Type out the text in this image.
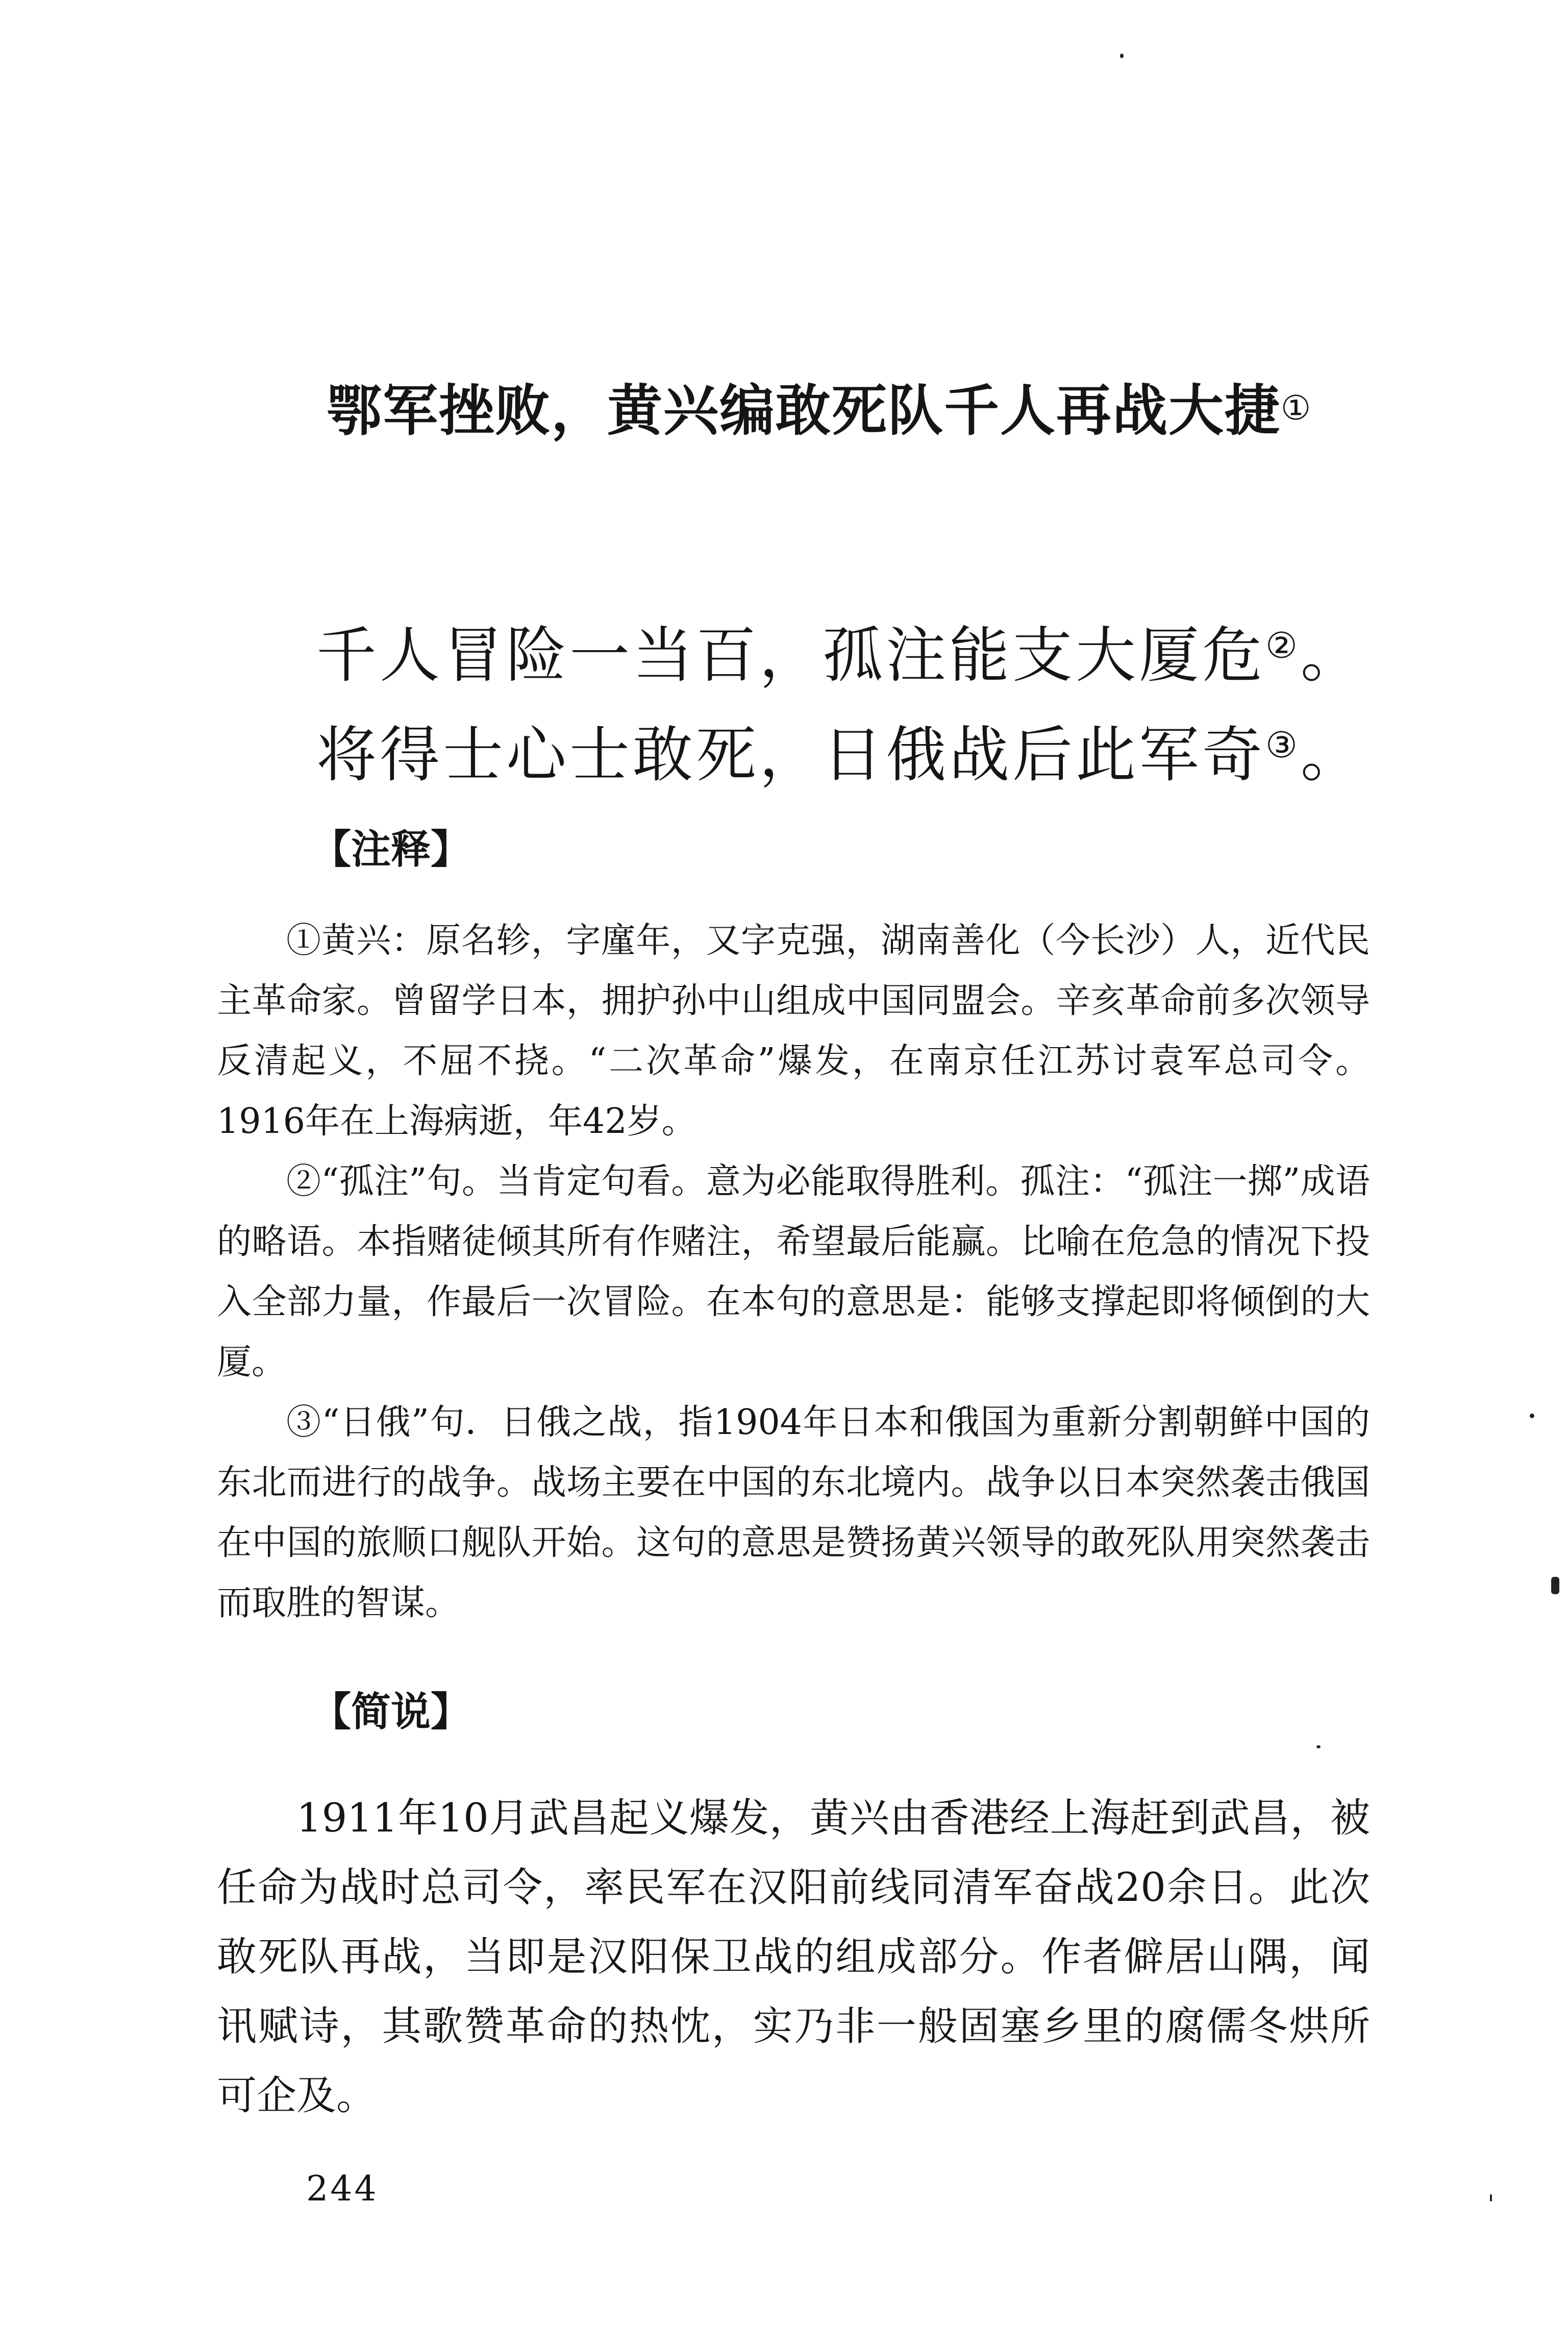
鄂军挫败，黄兴编敢死队千人再战大捷①
千人冒险一当百，孤注能支大厦危②。
将得士心士敢死，日俄战后此军奇③。
【注释】

①黄兴：原名轸，字廑年，又字克强，湖南善化（今长沙）人，近代民主革命家。曾留学日本，拥护孙中山组成中国同盟会。辛亥革命前多次领导反清起义，不屈不挠。“二次革命”爆发，在南京任江苏讨袁军总司令。1916年在上海病逝，年42岁。

②“孤注”句。当肯定句看。意为必能取得胜利。孤注：“孤注一掷”成语的略语。本指赌徒倾其所有作赌注，希望最后能赢。比喻在危急的情况下投入全部力量，作最后一次冒险。在本句的意思是：能够支撑起即将倾倒的大厦。

③“日俄”句．日俄之战，指1904年日本和俄国为重新分割朝鲜中国的东北而进行的战争。战场主要在中国的东北境内。战争以日本突然袭击俄国在中国的旅顺口舰队开始。这句的意思是赞扬黄兴领导的敢死队用突然袭击而取胜的智谋。

【简说】

1911年10月武昌起义爆发，黄兴由香港经上海赶到武昌，被任命为战时总司令，率民军在汉阳前线同清军奋战20余日。此次敢死队再战，当即是汉阳保卫战的组成部分。作者僻居山隅，闻讯赋诗，其歌赞革命的热忱，实乃非一般固塞乡里的腐儒冬烘所可企及。

244
